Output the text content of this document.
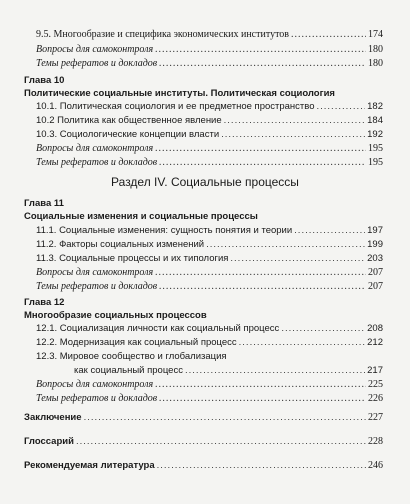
9.5. Многообразие и специфика экономических институтов .....	174
Вопросы для самоконтроля .....	180
Темы рефератов и докладов .....	180
Глава 10
Политические социальные институты. Политическая социология
10.1. Политическая социология и ее предметное пространство .....	182
10.2 Политика как общественное явление .....	184
10.3. Социологические концепции власти .....	192
Вопросы для самоконтроля .....	195
Темы рефератов и докладов .....	195
Раздел IV. Социальные процессы
Глава 11
Социальные изменения и социальные процессы
11.1. Социальные изменения: сущность понятия и теории .....	197
11.2. Факторы социальных изменений .....	199
11.3. Социальные процессы и их типология .....	203
Вопросы для самоконтроля .....	207
Темы рефератов и докладов .....	207
Глава 12
Многообразие социальных процессов
12.1. Социализация личности как социальный процесс .....	208
12.2. Модернизация как социальный процесс .....	212
12.3. Мировое сообщество и глобализация
как социальный процесс .....	217
Вопросы для самоконтроля .....	225
Темы рефератов и докладов .....	226
Заключение .....	227
Глоссарий .....	228
Рекомендуемая литература .....	246
